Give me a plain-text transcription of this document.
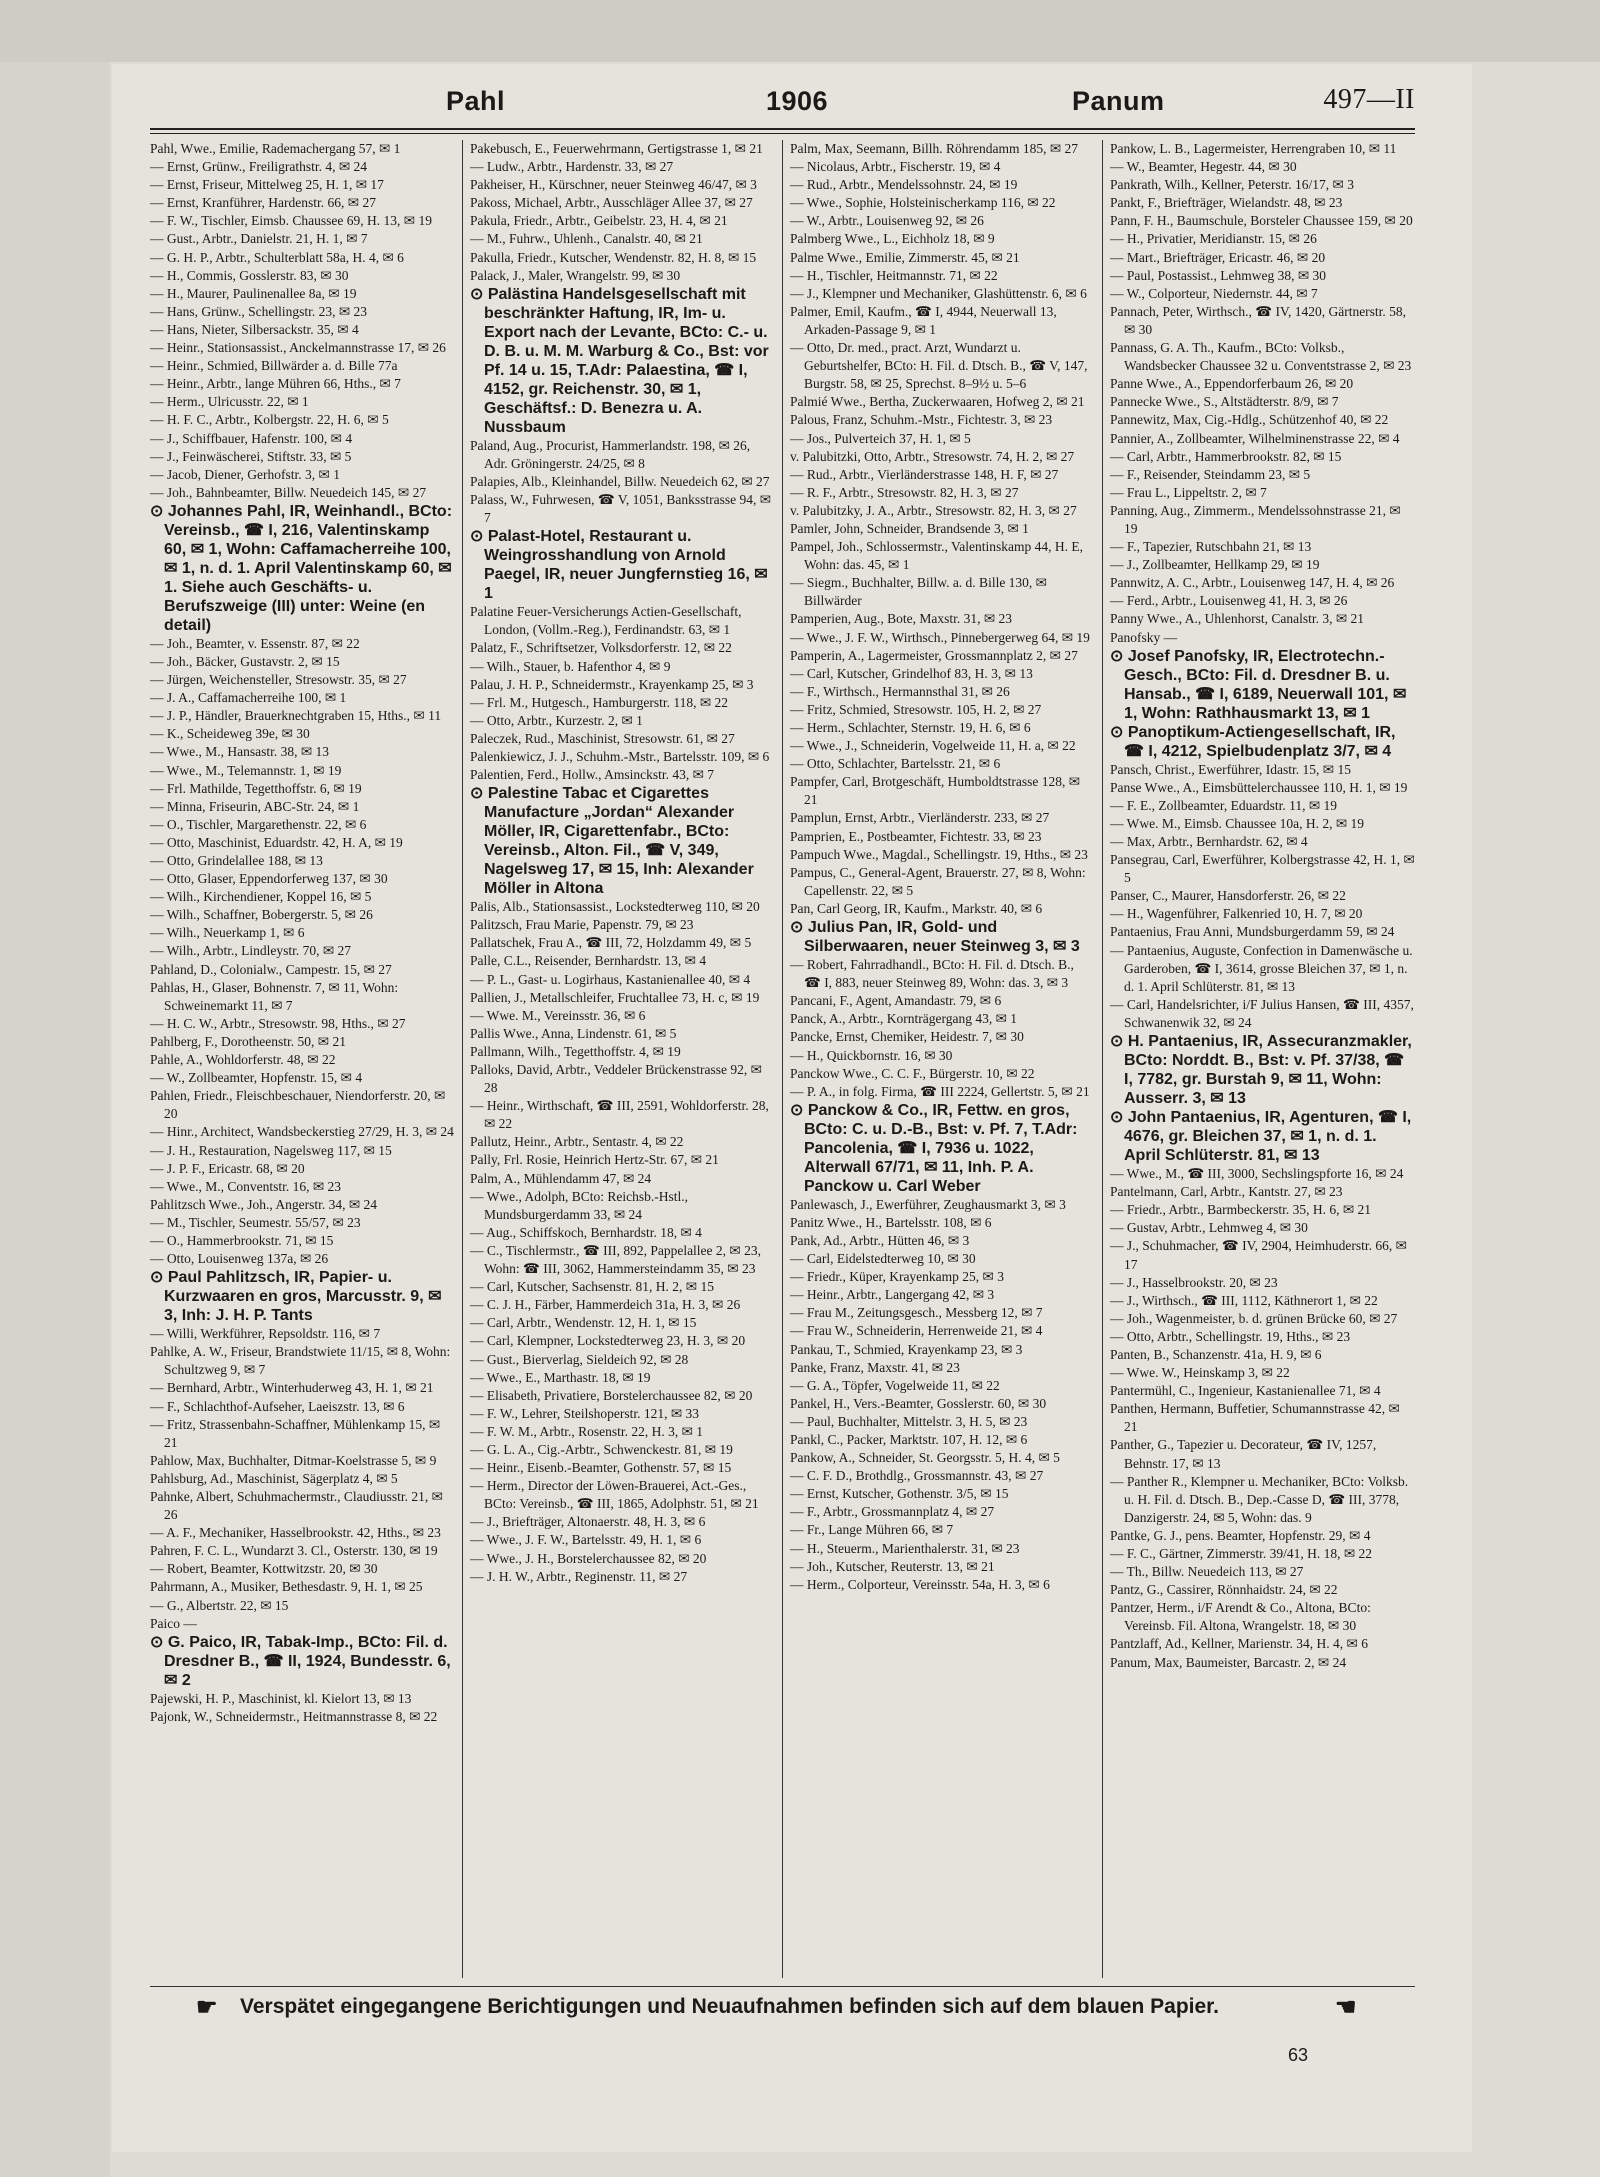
Pahl	1906	Panum	497—II

Pahl, Wwe., Emilie, Rademachergang 57, ✉ 1

— Ernst, Grünw., Freiligrathstr. 4, ✉ 24

— Ernst, Friseur, Mittelweg 25, H. 1, ✉ 17

— Ernst, Kranführer, Hardenstr. 66, ✉ 27

— F. W., Tischler, Eimsb. Chaussee 69, H. 13, ✉ 19

— Gust., Arbtr., Danielstr. 21, H. 1, ✉ 7

— G. H. P., Arbtr., Schulterblatt 58a, H. 4, ✉ 6

— H., Commis, Gosslerstr. 83, ✉ 30

— H., Maurer, Paulinenallee 8a, ✉ 19

— Hans, Grünw., Schellingstr. 23, ✉ 23

— Hans, Nieter, Silbersackstr. 35, ✉ 4

— Heinr., Stationsassist., Anckelmannstrasse 17, ✉ 26

— Heinr., Schmied, Billwärder a. d. Bille 77a

— Heinr., Arbtr., lange Mühren 66, Hths., ✉ 7

— Herm., Ulricusstr. 22, ✉ 1

— H. F. C., Arbtr., Kolbergstr. 22, H. 6, ✉ 5

— J., Schiffbauer, Hafenstr. 100, ✉ 4

— J., Feinwäscherei, Stiftstr. 33, ✉ 5

— Jacob, Diener, Gerhofstr. 3, ✉ 1

— Joh., Bahnbeamter, Billw. Neuedeich 145, ✉ 27

⊙ Johannes Pahl, IR, Weinhandl., BCto: Vereinsb., ☎ I, 216, Valentinskamp 60, ✉ 1, Wohn: Caffamacherreihe 100, ✉ 1, n. d. 1. April Valentinskamp 60, ✉ 1. Siehe auch Geschäfts- u. Berufszweige (III) unter: Weine (en detail)

— Joh., Beamter, v. Essenstr. 87, ✉ 22

— Joh., Bäcker, Gustavstr. 2, ✉ 15

— Jürgen, Weichensteller, Stresowstr. 35, ✉ 27

— J. A., Caffamacherreihe 100, ✉ 1

— J. P., Händler, Brauerknechtgraben 15, Hths., ✉ 11

— K., Scheideweg 39e, ✉ 30

— Wwe., M., Hansastr. 38, ✉ 13

— Wwe., M., Telemannstr. 1, ✉ 19

— Frl. Mathilde, Tegetthoffstr. 6, ✉ 19

— Minna, Friseurin, ABC-Str. 24, ✉ 1

— O., Tischler, Margarethenstr. 22, ✉ 6

— Otto, Maschinist, Eduardstr. 42, H. A, ✉ 19

— Otto, Grindelallee 188, ✉ 13

— Otto, Glaser, Eppendorferweg 137, ✉ 30

— Wilh., Kirchendiener, Koppel 16, ✉ 5

— Wilh., Schaffner, Bobergerstr. 5, ✉ 26

— Wilh., Neuerkamp 1, ✉ 6

— Wilh., Arbtr., Lindleystr. 70, ✉ 27

Pahland, D., Colonialw., Campestr. 15, ✉ 27

Pahlas, H., Glaser, Bohnenstr. 7, ✉ 11, Wohn: Schweinemarkt 11, ✉ 7

— H. C. W., Arbtr., Stresowstr. 98, Hths., ✉ 27

Pahlberg, F., Dorotheenstr. 50, ✉ 21

Pahle, A., Wohldorferstr. 48, ✉ 22

— W., Zollbeamter, Hopfenstr. 15, ✉ 4

Pahlen, Friedr., Fleischbeschauer, Niendorferstr. 20, ✉ 20

— Hinr., Architect, Wandsbeckerstieg 27/29, H. 3, ✉ 24

— J. H., Restauration, Nagelsweg 117, ✉ 15

— J. P. F., Ericastr. 68, ✉ 20

— Wwe., M., Conventstr. 16, ✉ 23

Pahlitzsch Wwe., Joh., Angerstr. 34, ✉ 24

— M., Tischler, Seumestr. 55/57, ✉ 23

— O., Hammerbrookstr. 71, ✉ 15

— Otto, Louisenweg 137a, ✉ 26

⊙ Paul Pahlitzsch, IR, Papier- u. Kurzwaaren en gros, Marcusstr. 9, ✉ 3, Inh: J. H. P. Tants

— Willi, Werkführer, Repsoldstr. 116, ✉ 7

Pahlke, A. W., Friseur, Brandstwiete 11/15, ✉ 8, Wohn: Schultzweg 9, ✉ 7

— Bernhard, Arbtr., Winterhuderweg 43, H. 1, ✉ 21

— F., Schlachthof-Aufseher, Laeiszstr. 13, ✉ 6

— Fritz, Strassenbahn-Schaffner, Mühlenkamp 15, ✉ 21

Pahlow, Max, Buchhalter, Ditmar-Koelstrasse 5, ✉ 9

Pahlsburg, Ad., Maschinist, Sägerplatz 4, ✉ 5

Pahnke, Albert, Schuhmachermstr., Claudiusstr. 21, ✉ 26

— A. F., Mechaniker, Hasselbrookstr. 42, Hths., ✉ 23

Pahren, F. C. L., Wundarzt 3. Cl., Osterstr. 130, ✉ 19

— Robert, Beamter, Kottwitzstr. 20, ✉ 30

Pahrmann, A., Musiker, Bethesdastr. 9, H. 1, ✉ 25

— G., Albertstr. 22, ✉ 15

Paico —

⊙ G. Paico, IR, Tabak-Imp., BCto: Fil. d. Dresdner B., ☎ II, 1924, Bundesstr. 6, ✉ 2

Pajewski, H. P., Maschinist, kl. Kielort 13, ✉ 13

Pajonk, W., Schneidermstr., Heitmannstrasse 8, ✉ 22

Pakebusch, E., Feuerwehrmann, Gertigstrasse 1, ✉ 21

— Ludw., Arbtr., Hardenstr. 33, ✉ 27

Pakheiser, H., Kürschner, neuer Steinweg 46/47, ✉ 3

Pakoss, Michael, Arbtr., Ausschläger Allee 37, ✉ 27

Pakula, Friedr., Arbtr., Geibelstr. 23, H. 4, ✉ 21

— M., Fuhrw., Uhlenh., Canalstr. 40, ✉ 21

Pakulla, Friedr., Kutscher, Wendenstr. 82, H. 8, ✉ 15

Palack, J., Maler, Wrangelstr. 99, ✉ 30

⊙ Palästina Handelsgesellschaft mit beschränkter Haftung, IR, Im- u. Export nach der Levante, BCto: C.- u. D. B. u. M. M. Warburg & Co., Bst: vor Pf. 14 u. 15, T.Adr: Palaestina, ☎ I, 4152, gr. Reichenstr. 30, ✉ 1, Geschäftsf.: D. Benezra u. A. Nussbaum

Paland, Aug., Procurist, Hammerlandstr. 198, ✉ 26, Adr. Gröningerstr. 24/25, ✉ 8

Palapies, Alb., Kleinhandel, Billw. Neuedeich 62, ✉ 27

Palass, W., Fuhrwesen, ☎ V, 1051, Banksstrasse 94, ✉ 7

⊙ Palast-Hotel, Restaurant u. Weingrosshandlung von Arnold Paegel, IR, neuer Jungfernstieg 16, ✉ 1

Palatine Feuer-Versicherungs Actien-Gesellschaft, London, (Vollm.-Reg.), Ferdinandstr. 63, ✉ 1

Palatz, F., Schriftsetzer, Volksdorferstr. 12, ✉ 22

— Wilh., Stauer, b. Hafenthor 4, ✉ 9

Palau, J. H. P., Schneidermstr., Krayenkamp 25, ✉ 3

— Frl. M., Hutgesch., Hamburgerstr. 118, ✉ 22

— Otto, Arbtr., Kurzestr. 2, ✉ 1

Paleczek, Rud., Maschinist, Stresowstr. 61, ✉ 27

Palenkiewicz, J. J., Schuhm.-Mstr., Bartelsstr. 109, ✉ 6

Palentien, Ferd., Hollw., Amsinckstr. 43, ✉ 7

⊙ Palestine Tabac et Cigarettes Manufacture „Jordan“ Alexander Möller, IR, Cigarettenfabr., BCto: Vereinsb., Alton. Fil., ☎ V, 349, Nagelsweg 17, ✉ 15, Inh: Alexander Möller in Altona

Palis, Alb., Stationsassist., Lockstedterweg 110, ✉ 20

Palitzsch, Frau Marie, Papenstr. 79, ✉ 23

Pallatschek, Frau A., ☎ III, 72, Holzdamm 49, ✉ 5

Palle, C.L., Reisender, Bernhardstr. 13, ✉ 4

— P. L., Gast- u. Logirhaus, Kastanienallee 40, ✉ 4

Pallien, J., Metallschleifer, Fruchtallee 73, H. c, ✉ 19

— Wwe. M., Vereinsstr. 36, ✉ 6

Pallis Wwe., Anna, Lindenstr. 61, ✉ 5

Pallmann, Wilh., Tegetthoffstr. 4, ✉ 19

Palloks, David, Arbtr., Veddeler Brückenstrasse 92, ✉ 28

— Heinr., Wirthschaft, ☎ III, 2591, Wohldorferstr. 28, ✉ 22

Pallutz, Heinr., Arbtr., Sentastr. 4, ✉ 22

Pally, Frl. Rosie, Heinrich Hertz-Str. 67, ✉ 21

Palm, A., Mühlendamm 47, ✉ 24

— Wwe., Adolph, BCto: Reichsb.-Hstl., Mundsburgerdamm 33, ✉ 24

— Aug., Schiffskoch, Bernhardstr. 18, ✉ 4

— C., Tischlermstr., ☎ III, 892, Pappelallee 2, ✉ 23, Wohn: ☎ III, 3062, Hammersteindamm 35, ✉ 23

— Carl, Kutscher, Sachsenstr. 81, H. 2, ✉ 15

— C. J. H., Färber, Hammerdeich 31a, H. 3, ✉ 26

— Carl, Arbtr., Wendenstr. 12, H. 1, ✉ 15

— Carl, Klempner, Lockstedterweg 23, H. 3, ✉ 20

— Gust., Bierverlag, Sieldeich 92, ✉ 28

— Wwe., E., Marthastr. 18, ✉ 19

— Elisabeth, Privatiere, Borstelerchaussee 82, ✉ 20

— F. W., Lehrer, Steilshoperstr. 121, ✉ 33

— F. W. M., Arbtr., Rosenstr. 22, H. 3, ✉ 1

— G. L. A., Cig.-Arbtr., Schwenckestr. 81, ✉ 19

— Heinr., Eisenb.-Beamter, Gothenstr. 57, ✉ 15

— Herm., Director der Löwen-Brauerei, Act.-Ges., BCto: Vereinsb., ☎ III, 1865, Adolphstr. 51, ✉ 21

— J., Briefträger, Altonaerstr. 48, H. 3, ✉ 6

— Wwe., J. F. W., Bartelsstr. 49, H. 1, ✉ 6

— Wwe., J. H., Borstelerchaussee 82, ✉ 20

— J. H. W., Arbtr., Reginenstr. 11, ✉ 27

Palm, Max, Seemann, Billh. Röhrendamm 185, ✉ 27

— Nicolaus, Arbtr., Fischerstr. 19, ✉ 4

— Rud., Arbtr., Mendelssohnstr. 24, ✉ 19

— Wwe., Sophie, Holsteinischerkamp 116, ✉ 22

— W., Arbtr., Louisenweg 92, ✉ 26

Palmberg Wwe., L., Eichholz 18, ✉ 9

Palme Wwe., Emilie, Zimmerstr. 45, ✉ 21

— H., Tischler, Heitmannstr. 71, ✉ 22

— J., Klempner und Mechaniker, Glashüttenstr. 6, ✉ 6

Palmer, Emil, Kaufm., ☎ I, 4944, Neuerwall 13, Arkaden-Passage 9, ✉ 1

— Otto, Dr. med., pract. Arzt, Wundarzt u. Geburtshelfer, BCto: H. Fil. d. Dtsch. B., ☎ V, 147, Burgstr. 58, ✉ 25, Sprechst. 8–9½ u. 5–6

Palmié Wwe., Bertha, Zuckerwaaren, Hofweg 2, ✉ 21

Palous, Franz, Schuhm.-Mstr., Fichtestr. 3, ✉ 23

— Jos., Pulverteich 37, H. 1, ✉ 5

v. Palubitzki, Otto, Arbtr., Stresowstr. 74, H. 2, ✉ 27

— Rud., Arbtr., Vierländerstrasse 148, H. F, ✉ 27

— R. F., Arbtr., Stresowstr. 82, H. 3, ✉ 27

v. Palubitzky, J. A., Arbtr., Stresowstr. 82, H. 3, ✉ 27

Pamler, John, Schneider, Brandsende 3, ✉ 1

Pampel, Joh., Schlossermstr., Valentinskamp 44, H. E, Wohn: das. 45, ✉ 1

— Siegm., Buchhalter, Billw. a. d. Bille 130, ✉ Billwärder

Pamperien, Aug., Bote, Maxstr. 31, ✉ 23

— Wwe., J. F. W., Wirthsch., Pinnebergerweg 64, ✉ 19

Pamperin, A., Lagermeister, Grossmannplatz 2, ✉ 27

— Carl, Kutscher, Grindelhof 83, H. 3, ✉ 13

— F., Wirthsch., Hermannsthal 31, ✉ 26

— Fritz, Schmied, Stresowstr. 105, H. 2, ✉ 27

— Herm., Schlachter, Sternstr. 19, H. 6, ✉ 6

— Wwe., J., Schneiderin, Vogelweide 11, H. a, ✉ 22

— Otto, Schlachter, Bartelsstr. 21, ✉ 6

Pampfer, Carl, Brotgeschäft, Humboldtstrasse 128, ✉ 21

Pamplun, Ernst, Arbtr., Vierländerstr. 233, ✉ 27

Pamprien, E., Postbeamter, Fichtestr. 33, ✉ 23

Pampuch Wwe., Magdal., Schellingstr. 19, Hths., ✉ 23

Pampus, C., General-Agent, Brauerstr. 27, ✉ 8, Wohn: Capellenstr. 22, ✉ 5

Pan, Carl Georg, IR, Kaufm., Markstr. 40, ✉ 6

⊙ Julius Pan, IR, Gold- und Silberwaaren, neuer Steinweg 3, ✉ 3

— Robert, Fahrradhandl., BCto: H. Fil. d. Dtsch. B., ☎ I, 883, neuer Steinweg 89, Wohn: das. 3, ✉ 3

Pancani, F., Agent, Amandastr. 79, ✉ 6

Panck, A., Arbtr., Kornträgergang 43, ✉ 1

Pancke, Ernst, Chemiker, Heidestr. 7, ✉ 30

— H., Quickbornstr. 16, ✉ 30

Panckow Wwe., C. C. F., Bürgerstr. 10, ✉ 22

— P. A., in folg. Firma, ☎ III 2224, Gellertstr. 5, ✉ 21

⊙ Panckow & Co., IR, Fettw. en gros, BCto: C. u. D.-B., Bst: v. Pf. 7, T.Adr: Pancolenia, ☎ I, 7936 u. 1022, Alterwall 67/71, ✉ 11, Inh. P. A. Panckow u. Carl Weber

Panlewasch, J., Ewerführer, Zeughausmarkt 3, ✉ 3

Panitz Wwe., H., Bartelsstr. 108, ✉ 6

Pank, Ad., Arbtr., Hütten 46, ✉ 3

— Carl, Eidelstedterweg 10, ✉ 30

— Friedr., Küper, Krayenkamp 25, ✉ 3

— Heinr., Arbtr., Langergang 42, ✉ 3

— Frau M., Zeitungsgesch., Messberg 12, ✉ 7

— Frau W., Schneiderin, Herrenweide 21, ✉ 4

Pankau, T., Schmied, Krayenkamp 23, ✉ 3

Panke, Franz, Maxstr. 41, ✉ 23

— G. A., Töpfer, Vogelweide 11, ✉ 22

Pankel, H., Vers.-Beamter, Gosslerstr. 60, ✉ 30

— Paul, Buchhalter, Mittelstr. 3, H. 5, ✉ 23

Pankl, C., Packer, Marktstr. 107, H. 12, ✉ 6

Pankow, A., Schneider, St. Georgsstr. 5, H. 4, ✉ 5

— C. F. D., Brothdlg., Grossmannstr. 43, ✉ 27

— Ernst, Kutscher, Gothenstr. 3/5, ✉ 15

— F., Arbtr., Grossmannplatz 4, ✉ 27

— Fr., Lange Mühren 66, ✉ 7

— H., Steuerm., Marienthalerstr. 31, ✉ 23

— Joh., Kutscher, Reuterstr. 13, ✉ 21

— Herm., Colporteur, Vereinsstr. 54a, H. 3, ✉ 6

Pankow, L. B., Lagermeister, Herrengraben 10, ✉ 11

— W., Beamter, Hegestr. 44, ✉ 30

Pankrath, Wilh., Kellner, Peterstr. 16/17, ✉ 3

Pankt, F., Briefträger, Wielandstr. 48, ✉ 23

Pann, F. H., Baumschule, Borsteler Chaussee 159, ✉ 20

— H., Privatier, Meridianstr. 15, ✉ 26

— Mart., Briefträger, Ericastr. 46, ✉ 20

— Paul, Postassist., Lehmweg 38, ✉ 30

— W., Colporteur, Niedernstr. 44, ✉ 7

Pannach, Peter, Wirthsch., ☎ IV, 1420, Gärtnerstr. 58, ✉ 30

Pannass, G. A. Th., Kaufm., BCto: Volksb., Wandsbecker Chaussee 32 u. Conventstrasse 2, ✉ 23

Panne Wwe., A., Eppendorferbaum 26, ✉ 20

Pannecke Wwe., S., Altstädterstr. 8/9, ✉ 7

Pannewitz, Max, Cig.-Hdlg., Schützenhof 40, ✉ 22

Pannier, A., Zollbeamter, Wilhelminenstrasse 22, ✉ 4

— Carl, Arbtr., Hammerbrookstr. 82, ✉ 15

— F., Reisender, Steindamm 23, ✉ 5

— Frau L., Lippeltstr. 2, ✉ 7

Panning, Aug., Zimmerm., Mendelssohnstrasse 21, ✉ 19

— F., Tapezier, Rutschbahn 21, ✉ 13

— J., Zollbeamter, Hellkamp 29, ✉ 19

Pannwitz, A. C., Arbtr., Louisenweg 147, H. 4, ✉ 26

— Ferd., Arbtr., Louisenweg 41, H. 3, ✉ 26

Panny Wwe., A., Uhlenhorst, Canalstr. 3, ✉ 21

Panofsky —

⊙ Josef Panofsky, IR, Electrotechn.-Gesch., BCto: Fil. d. Dresdner B. u. Hansab., ☎ I, 6189, Neuerwall 101, ✉ 1, Wohn: Rathhausmarkt 13, ✉ 1

⊙ Panoptikum-Actiengesellschaft, IR, ☎ I, 4212, Spielbudenplatz 3/7, ✉ 4

Pansch, Christ., Ewerführer, Idastr. 15, ✉ 15

Panse Wwe., A., Eimsbüttelerchaussee 110, H. 1, ✉ 19

— F. E., Zollbeamter, Eduardstr. 11, ✉ 19

— Wwe. M., Eimsb. Chaussee 10a, H. 2, ✉ 19

— Max, Arbtr., Bernhardstr. 62, ✉ 4

Pansegrau, Carl, Ewerführer, Kolbergstrasse 42, H. 1, ✉ 5

Panser, C., Maurer, Hansdorferstr. 26, ✉ 22

— H., Wagenführer, Falkenried 10, H. 7, ✉ 20

Pantaenius, Frau Anni, Mundsburgerdamm 59, ✉ 24

— Pantaenius, Auguste, Confection in Damenwäsche u. Garderoben, ☎ I, 3614, grosse Bleichen 37, ✉ 1, n. d. 1. April Schlüterstr. 81, ✉ 13

— Carl, Handelsrichter, i/F Julius Hansen, ☎ III, 4357, Schwanenwik 32, ✉ 24

⊙ H. Pantaenius, IR, Assecuranzmakler, BCto: Norddt. B., Bst: v. Pf. 37/38, ☎ I, 7782, gr. Burstah 9, ✉ 11, Wohn: Ausserr. 3, ✉ 13

⊙ John Pantaenius, IR, Agenturen, ☎ I, 4676, gr. Bleichen 37, ✉ 1, n. d. 1. April Schlüterstr. 81, ✉ 13

— Wwe., M., ☎ III, 3000, Sechslingspforte 16, ✉ 24

Pantelmann, Carl, Arbtr., Kantstr. 27, ✉ 23

— Friedr., Arbtr., Barmbeckerstr. 35, H. 6, ✉ 21

— Gustav, Arbtr., Lehmweg 4, ✉ 30

— J., Schuhmacher, ☎ IV, 2904, Heimhuderstr. 66, ✉ 17

— J., Hasselbrookstr. 20, ✉ 23

— J., Wirthsch., ☎ III, 1112, Käthnerort 1, ✉ 22

— Joh., Wagenmeister, b. d. grünen Brücke 60, ✉ 27

— Otto, Arbtr., Schellingstr. 19, Hths., ✉ 23

Panten, B., Schanzenstr. 41a, H. 9, ✉ 6

— Wwe. W., Heinskamp 3, ✉ 22

Pantermühl, C., Ingenieur, Kastanienallee 71, ✉ 4

Panthen, Hermann, Buffetier, Schumannstrasse 42, ✉ 21

Panther, G., Tapezier u. Decorateur, ☎ IV, 1257, Behnstr. 17, ✉ 13

— Panther R., Klempner u. Mechaniker, BCto: Volksb. u. H. Fil. d. Dtsch. B., Dep.-Casse D, ☎ III, 3778, Danzigerstr. 24, ✉ 5, Wohn: das. 9

Pantke, G. J., pens. Beamter, Hopfenstr. 29, ✉ 4

— F. C., Gärtner, Zimmerstr. 39/41, H. 18, ✉ 22

— Th., Billw. Neuedeich 113, ✉ 27

Pantz, G., Cassirer, Rönnhaidstr. 24, ✉ 22

Pantzer, Herm., i/F Arendt & Co., Altona, BCto: Vereinsb. Fil. Altona, Wrangelstr. 18, ✉ 30

Pantzlaff, Ad., Kellner, Marienstr. 34, H. 4, ✉ 6

Panum, Max, Baumeister, Barcastr. 2, ✉ 24

☛ Verspätet eingegangene Berichtigungen und Neuaufnahmen befinden sich auf dem blauen Papier.	☚
63
